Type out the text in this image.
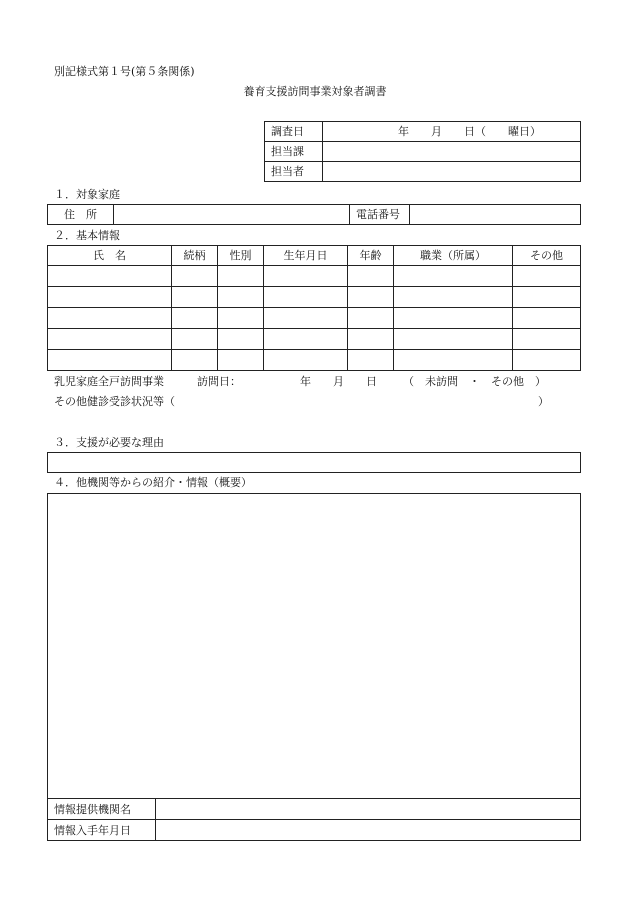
別記様式第１号(第５条関係)
養育支援訪問事業対象者調書
調査日	年　　月　　日（　　曜日）
担当課	
担当者	
１．対象家庭
住　所		電話番号	
２．基本情報
氏　名	続柄	性別	生年月日	年齢	職業（所属）	その他

乳児家庭全戸訪問事業	訪問日：	年　　月　　日 （　未訪問　・　その他　）
その他健診受診状況等（	）
３．支援が必要な理由
４．他機関等からの紹介・情報（概要）
情報提供機関名	
情報入手年月日	
